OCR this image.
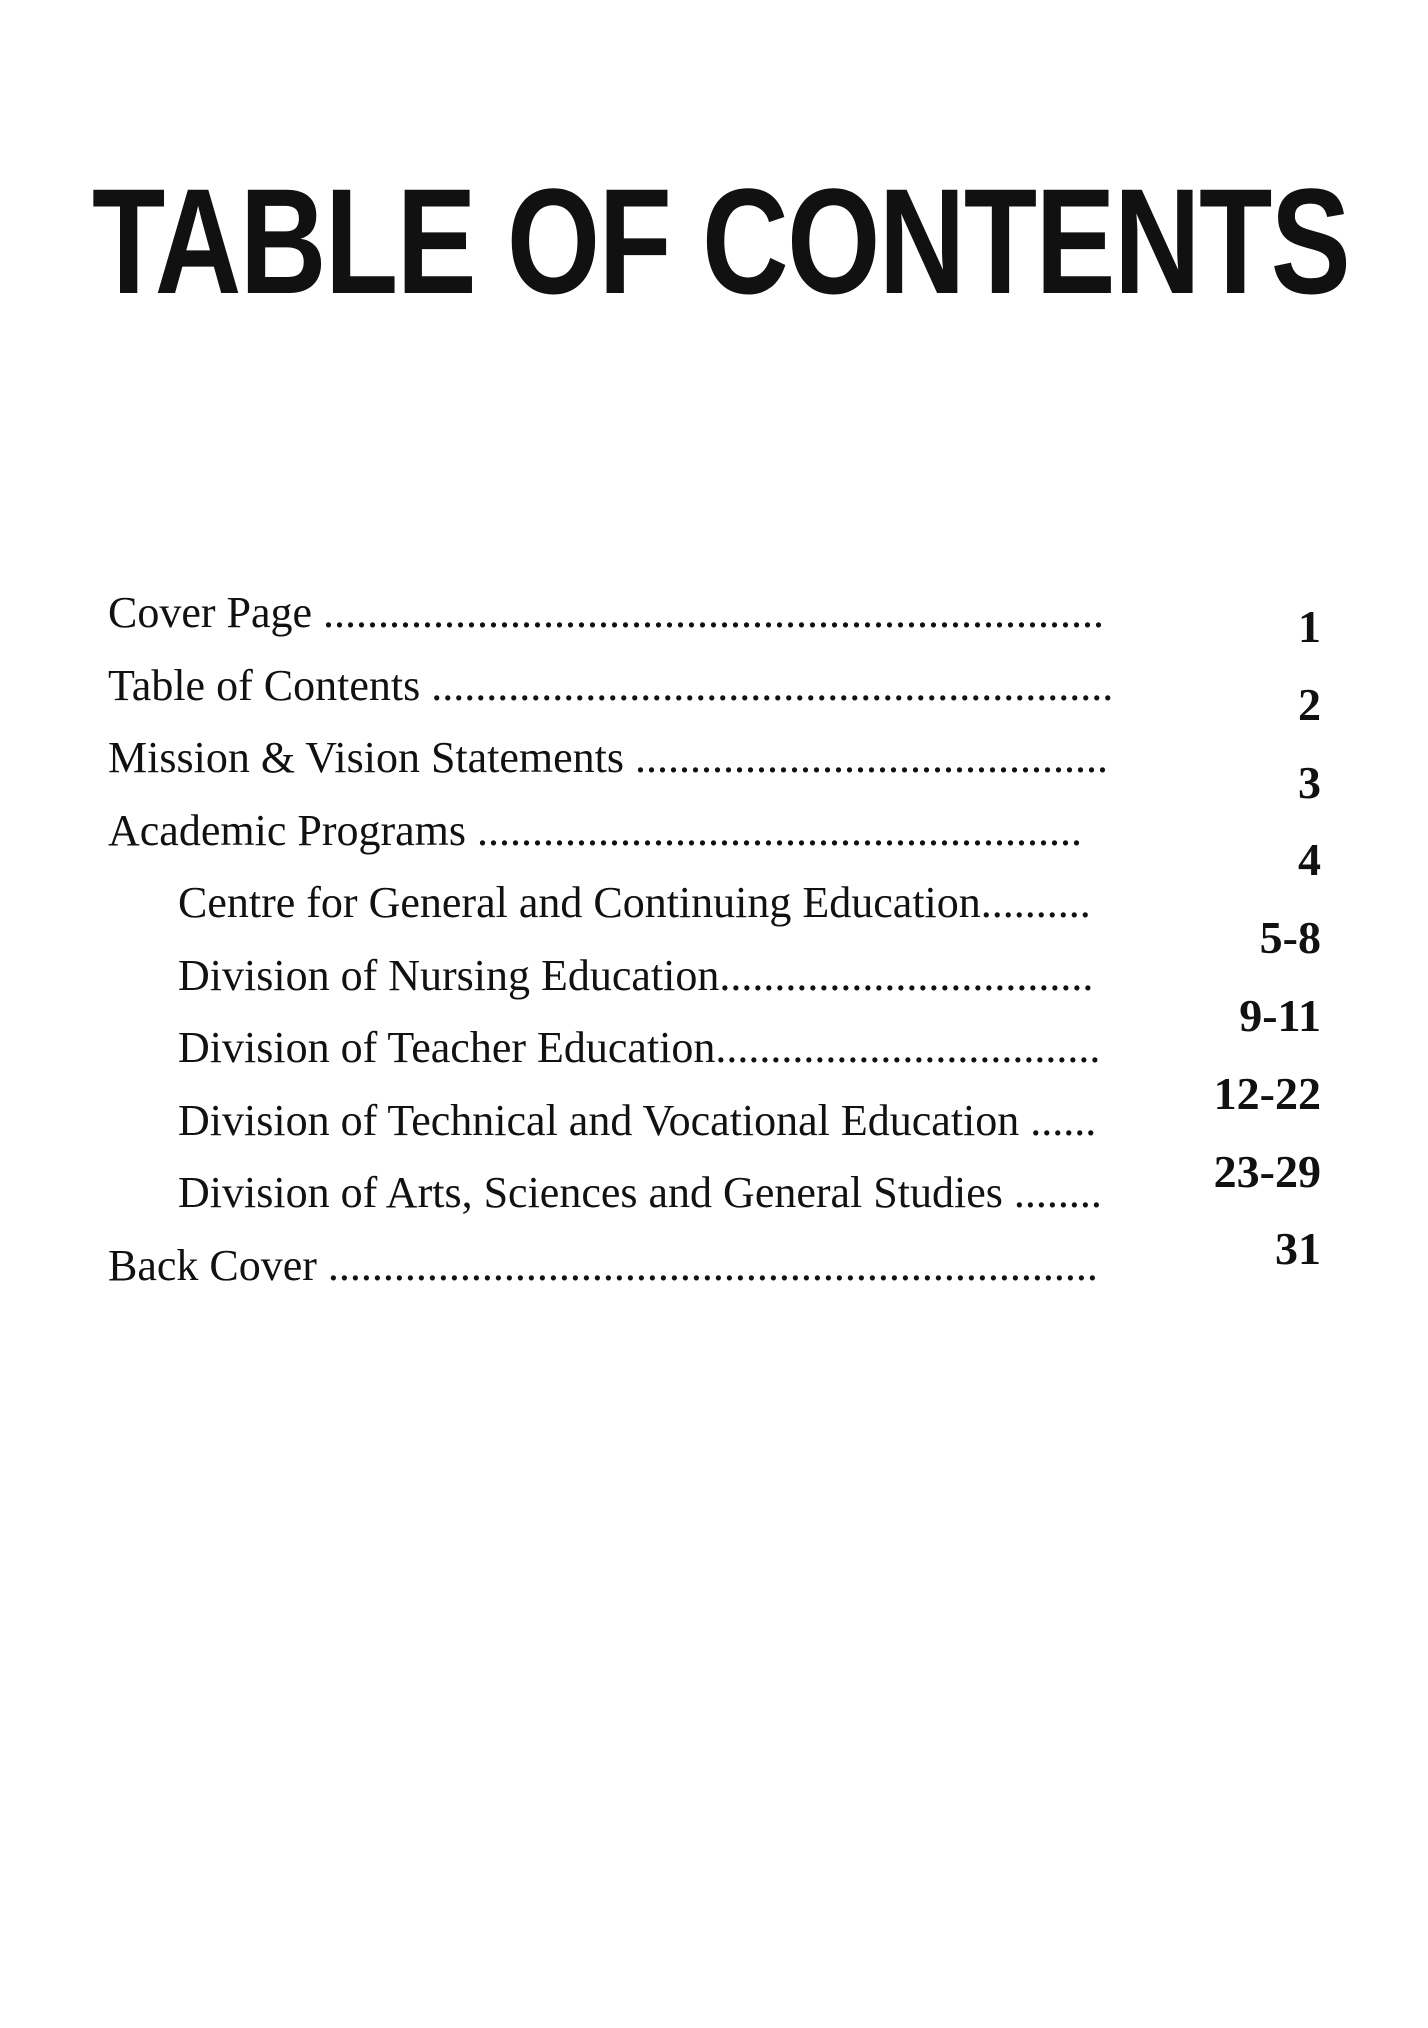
TABLE OF CONTENTS
Cover Page .......................................................................
Table of Contents ..............................................................
Mission & Vision Statements ...........................................
Academic Programs .......................................................
Centre for General and Continuing Education..........
Division of Nursing Education..................................
Division of Teacher Education...................................
Division of Technical and Vocational Education ......
Division of Arts, Sciences and General Studies ........
Back Cover ......................................................................
1
2
3
4
5-8
9-11
12-22
23-29
31
